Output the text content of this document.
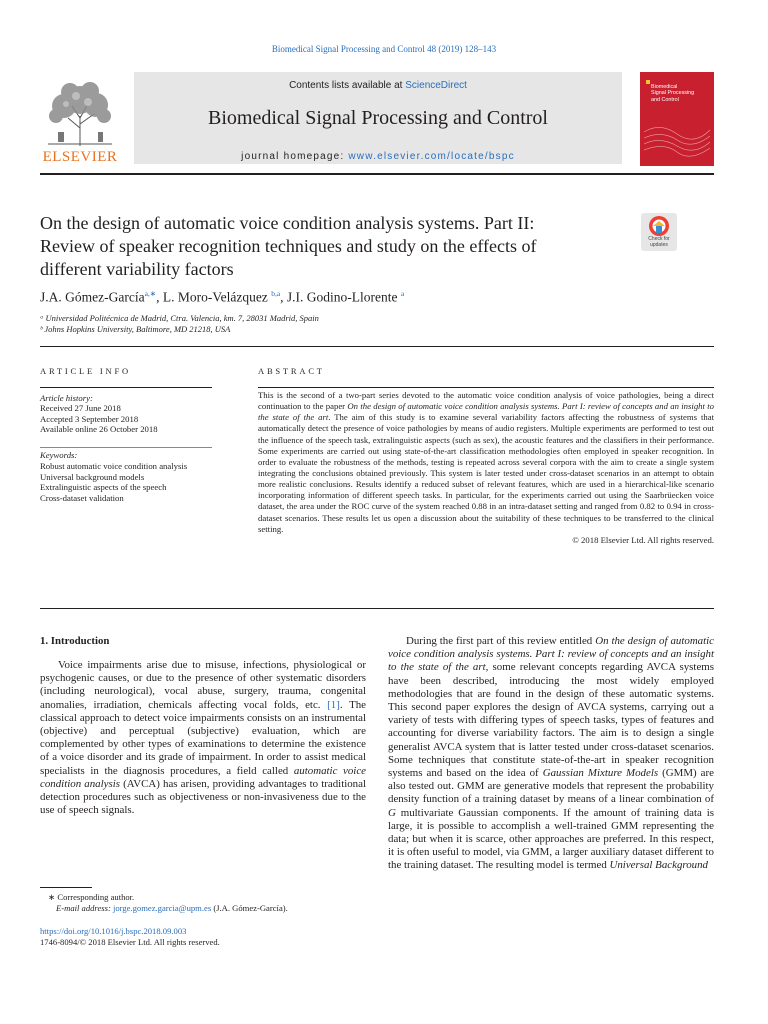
Biomedical Signal Processing and Control 48 (2019) 128–143
ELSEVIER
Contents lists available at ScienceDirect
Biomedical Signal Processing and Control
journal homepage: www.elsevier.com/locate/bspc
Biomedical
Signal Processing
and Control
On the design of automatic voice condition analysis systems. Part II:
Review of speaker recognition techniques and study on the effects of
different variability factors
Check for
updates
J.A. Gómez-García$^{a,∗}$, L. Moro-Velázquez $^{b,a}$, J.I. Godino-Llorente $^a$
ᵃ Universidad Politécnica de Madrid, Ctra. Valencia, km. 7, 28031 Madrid, Spain
ᵇ Johns Hopkins University, Baltimore, MD 21218, USA
ARTICLE INFO
Article history:
Received 27 June 2018
Accepted 3 September 2018
Available online 26 October 2018
Keywords:
Robust automatic voice condition analysis
Universal background models
Extralinguistic aspects of the speech
Cross-dataset validation
ABSTRACT
This is the second of a two-part series devoted to the automatic voice condition analysis of voice pathologies, being a direct continuation to the paper On the design of automatic voice condition analysis systems. Part I: review of concepts and an insight to the state of the art. The aim of this study is to examine several variability factors affecting the robustness of systems that automatically detect the presence of voice pathologies by means of audio registers. Multiple experiments are performed to test out the influence of the speech task, extralinguistic aspects (such as sex), the acoustic features and the classifiers in their performance. Some experiments are carried out using state-of-the-art classification methodologies often employed in speaker recognition. In order to evaluate the robustness of the methods, testing is repeated across several corpora with the aim to create a single system integrating the conclusions obtained previously. This system is later tested under cross-dataset scenarios in an attempt to obtain more realistic conclusions. Results identify a reduced subset of relevant features, which are used in a hierarchical-like scenario incorporating information of different speech tasks. In particular, for the experiments carried out using the Saarbrüecken voice dataset, the area under the ROC curve of the system reached 0.88 in an intra-dataset setting and ranged from 0.82 to 0.94 in cross-dataset scenarios. These results let us open a discussion about the suitability of these techniques to be transferred to the clinical setting.
© 2018 Elsevier Ltd. All rights reserved.
1. Introduction
Voice impairments arise due to misuse, infections, physiological or psychogenic causes, or due to the presence of other systematic disorders (including neurological), vocal abuse, surgery, trauma, congenital anomalies, irradiation, chemicals affecting vocal folds, etc. [1]. The classical approach to detect voice impairments consists on an instrumental (objective) and perceptual (subjective) evaluation, which are complemented by other types of examinations to determine the existence of a voice disorder and its grade of impairment. In order to assist medical specialists in the diagnosis procedures, a field called automatic voice condition analysis (AVCA) has arisen, providing advantages to traditional detection procedures such as objectiveness or non-invasiveness due to the use of speech signals.
During the first part of this review entitled On the design of automatic voice condition analysis systems. Part I: review of concepts and an insight to the state of the art, some relevant concepts regarding AVCA systems have been described, introducing the most widely employed methodologies that are found in the design of these automatic systems. This second paper explores the design of AVCA systems, carrying out a variety of tests with differing types of speech tasks, types of features and accounting for diverse variability factors. The aim is to design a single generalist AVCA system that is latter tested under cross-dataset scenarios. Some techniques that constitute state-of-the-art in speaker recognition systems and based on the idea of Gaussian Mixture Models (GMM) are also tested out. GMM are generative models that represent the probability density function of a training dataset by means of a linear combination of G multivariate Gaussian components. If the amount of training data is large, it is possible to accomplish a well-trained GMM representing the data; but when it is scarce, other approaches are preferred. In this respect, it is often useful to model, via GMM, a larger auxiliary dataset different to the training dataset. The resulting model is termed Universal Background
∗ Corresponding author.
E-mail address: jorge.gomez.garcia@upm.es (J.A. Gómez-García).
https://doi.org/10.1016/j.bspc.2018.09.003
1746-8094/© 2018 Elsevier Ltd. All rights reserved.
